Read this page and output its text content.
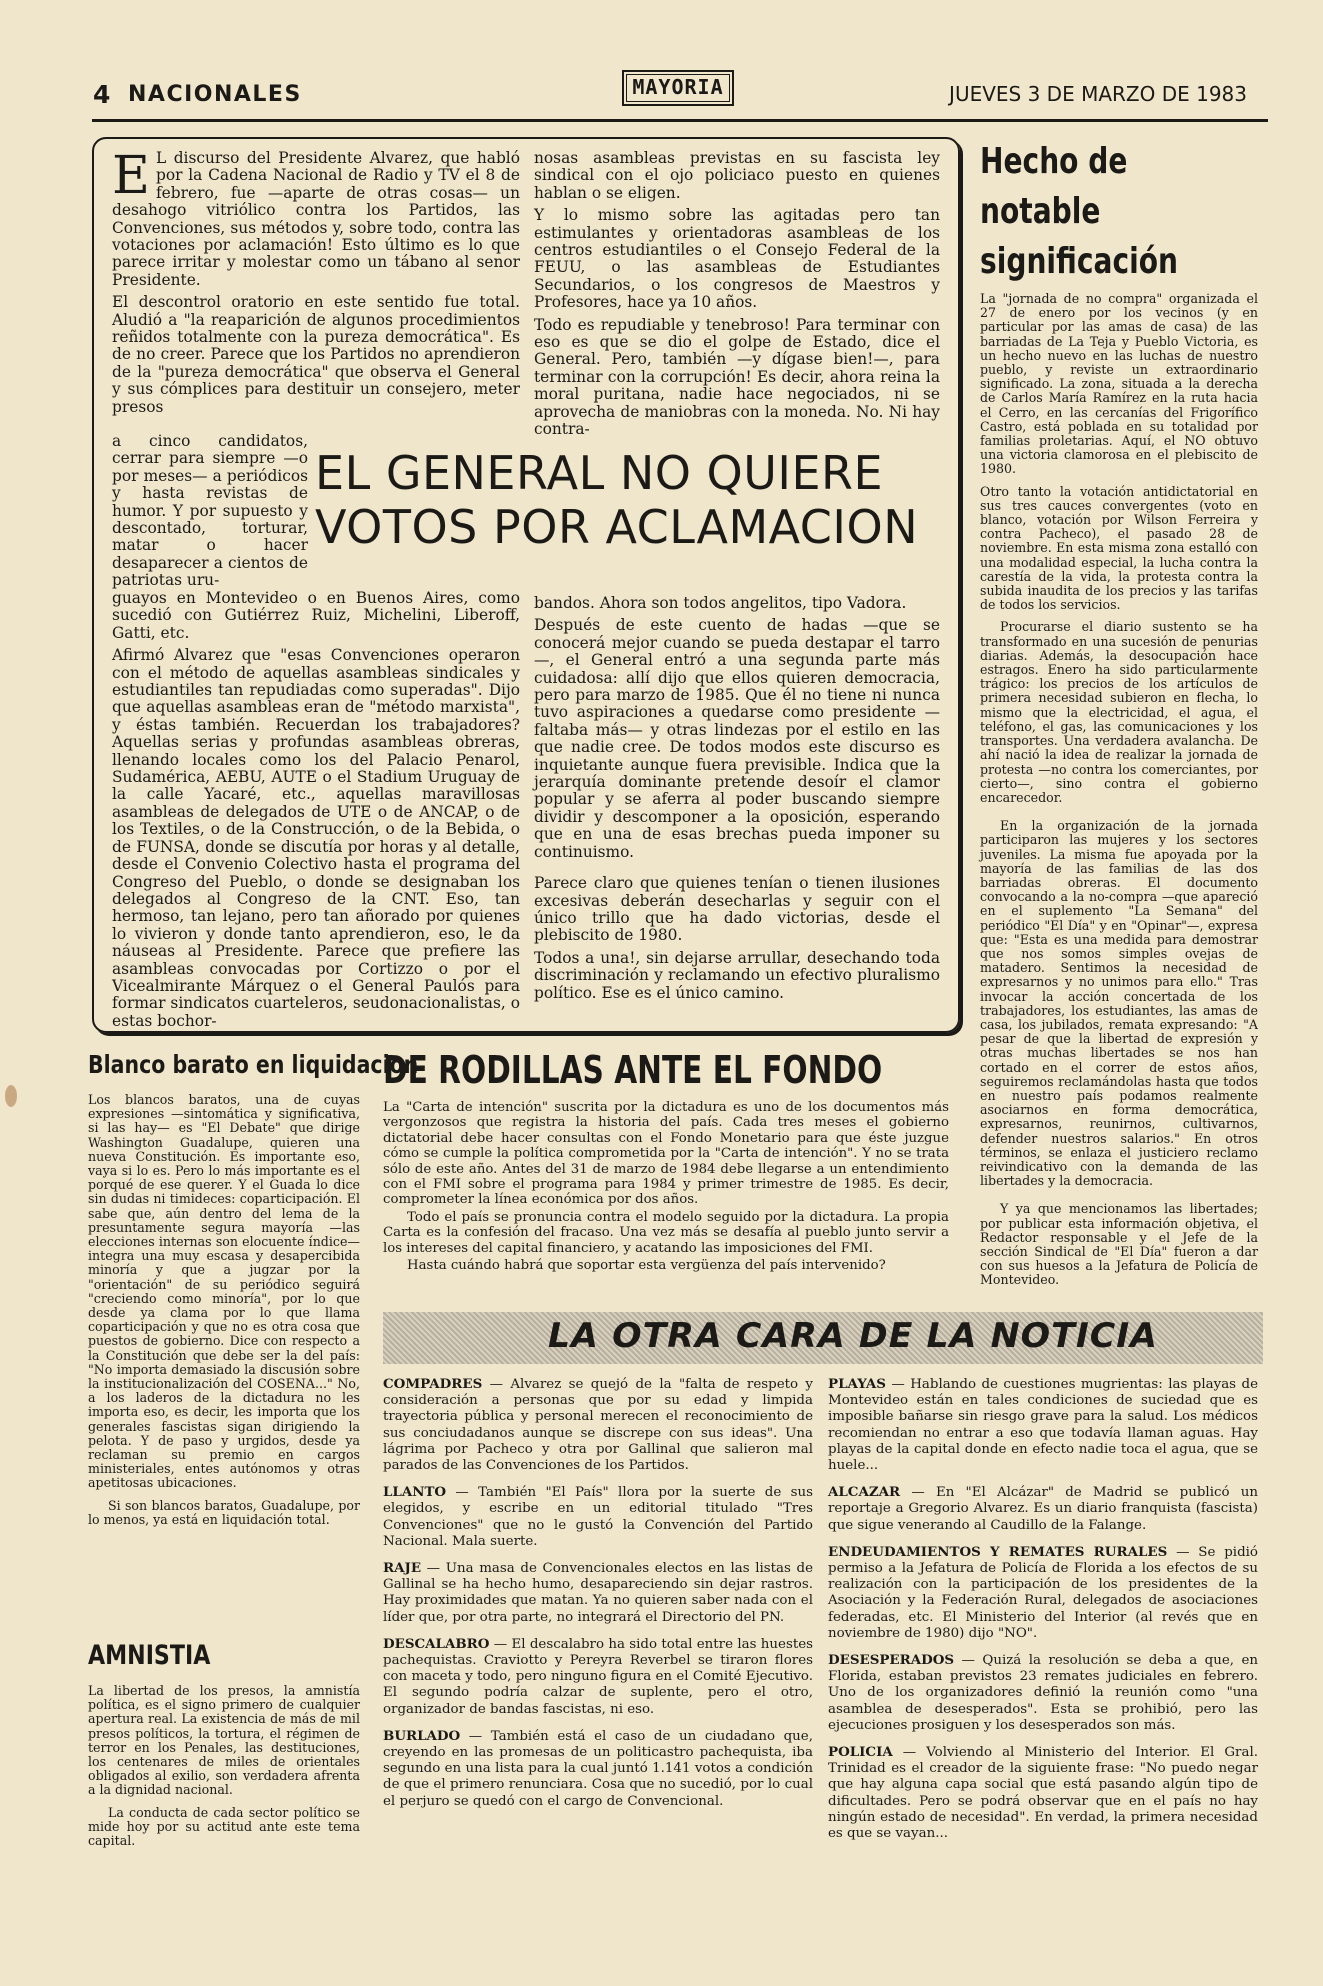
4 NACIONALES	MAYORIA	JUEVES 3 DE MARZO DE 1983

E L discurso del Presidente Alvarez, que habló por la Cadena Nacional de Radio y TV el 8 de febrero, fue —aparte de otras cosas— un desahogo vitriólico contra los Partidos, las Convenciones, sus métodos y, sobre todo, contra las votaciones por aclamación! Esto último es lo que parece irritar y molestar como un tábano al senor Presidente.

El descontrol oratorio en este sentido fue total. Aludió a "la reaparición de algunos procedimientos reñidos totalmente con la pureza democrática". Es de no creer. Parece que los Partidos no aprendieron de la "pureza democrática" que observa el General y sus cómplices para destituir un consejero, meter presos

a cinco candidatos, cerrar para siempre —o por meses— a periódicos y hasta revistas de humor. Y por supuesto y descontado, torturar, matar o hacer desaparecer a cientos de patriotas uru-

EL GENERAL NO QUIERE
VOTOS POR ACLAMACION

guayos en Montevideo o en Buenos Aires, como sucedió con Gutiérrez Ruiz, Michelini, Liberoff, Gatti, etc.

Afirmó Alvarez que "esas Convenciones operaron con el método de aquellas asambleas sindicales y estudiantiles tan repudiadas como superadas". Dijo que aquellas asambleas eran de "método marxista", y éstas también. Recuerdan los trabajadores? Aquellas serias y profundas asambleas obreras, llenando locales como los del Palacio Penarol, Sudamérica, AEBU, AUTE o el Stadium Uruguay de la calle Yacaré, etc., aquellas maravillosas asambleas de delegados de UTE o de ANCAP, o de los Textiles, o de la Construcción, o de la Bebida, o de FUNSA, donde se discutía por horas y al detalle, desde el Convenio Colectivo hasta el programa del Congreso del Pueblo, o donde se designaban los delegados al Congreso de la CNT. Eso, tan hermoso, tan lejano, pero tan añorado por quienes lo vivieron y donde tanto aprendieron, eso, le da náuseas al Presidente. Parece que prefiere las asambleas convocadas por Cortizzo o por el Vicealmirante Márquez o el General Paulós para formar sindicatos cuarteleros, seudonacionalistas, o estas bochor-

nosas asambleas previstas en su fascista ley sindical con el ojo policiaco puesto en quienes hablan o se eligen.

Y lo mismo sobre las agitadas pero tan estimulantes y orientadoras asambleas de los centros estudiantiles o el Consejo Federal de la FEUU, o las asambleas de Estudiantes Secundarios, o los congresos de Maestros y Profesores, hace ya 10 años.

Todo es repudiable y tenebroso! Para terminar con eso es que se dio el golpe de Estado, dice el General. Pero, también —y dígase bien!—, para terminar con la corrupción! Es decir, ahora reina la moral puritana, nadie hace negociados, ni se aprovecha de maniobras con la moneda. No. Ni hay contra-

bandos. Ahora son todos angelitos, tipo Vadora.

Después de este cuento de hadas —que se conocerá mejor cuando se pueda destapar el tarro—, el General entró a una segunda parte más cuidadosa: allí dijo que ellos quieren democracia, pero para marzo de 1985. Que él no tiene ni nunca tuvo aspiraciones a quedarse como presidente —faltaba más— y otras lindezas por el estilo en las que nadie cree. De todos modos este discurso es inquietante aunque fuera previsible. Indica que la jerarquía dominante pretende desoír el clamor popular y se aferra al poder buscando siempre dividir y descomponer a la oposición, esperando que en una de esas brechas pueda imponer su continuismo.

Parece claro que quienes tenían o tienen ilusiones excesivas deberán desecharlas y seguir con el único trillo que ha dado victorias, desde el plebiscito de 1980.

Todos a una!, sin dejarse arrullar, desechando toda discriminación y reclamando un efectivo pluralismo político. Ese es el único camino.

Hecho de
notable
significación

La "jornada de no compra" organizada el 27 de enero por los vecinos (y en particular por las amas de casa) de las barriadas de La Teja y Pueblo Victoria, es un hecho nuevo en las luchas de nuestro pueblo, y reviste un extraordinario significado. La zona, situada a la derecha de Carlos María Ramírez en la ruta hacia el Cerro, en las cercanías del Frigorífico Castro, está poblada en su totalidad por familias proletarias. Aquí, el NO obtuvo una victoria clamorosa en el plebiscito de 1980.

Otro tanto la votación antidictatorial en sus tres cauces convergentes (voto en blanco, votación por Wilson Ferreira y contra Pacheco), el pasado 28 de noviembre. En esta misma zona estalló con una modalidad especial, la lucha contra la carestía de la vida, la protesta contra la subida inaudita de los precios y las tarifas de todos los servicios.

Procurarse el diario sustento se ha transformado en una sucesión de penurias diarias. Además, la desocupación hace estragos. Enero ha sido particularmente trágico: los precios de los artículos de primera necesidad subieron en flecha, lo mismo que la electricidad, el agua, el teléfono, el gas, las comunicaciones y los transportes. Una verdadera avalancha. De ahí nació la idea de realizar la jornada de protesta —no contra los comerciantes, por cierto—, sino contra el gobierno encarecedor.

En la organización de la jornada participaron las mujeres y los sectores juveniles. La misma fue apoyada por la mayoría de las familias de las dos barriadas obreras. El documento convocando a la no-compra —que apareció en el suplemento "La Semana" del periódico "El Día" y en "Opinar"—, expresa que: "Esta es una medida para demostrar que nos somos simples ovejas de matadero. Sentimos la necesidad de expresarnos y no unimos para ello." Tras invocar la acción concertada de los trabajadores, los estudiantes, las amas de casa, los jubilados, remata expresando: "A pesar de que la libertad de expresión y otras muchas libertades se nos han cortado en el correr de estos años, seguiremos reclamándolas hasta que todos en nuestro país podamos realmente asociarnos en forma democrática, expresarnos, reunirnos, cultivarnos, defender nuestros salarios." En otros términos, se enlaza el justiciero reclamo reivindicativo con la demanda de las libertades y la democracia.

Y ya que mencionamos las libertades; por publicar esta información objetiva, el Redactor responsable y el Jefe de la sección Sindical de "El Día" fueron a dar con sus huesos a la Jefatura de Policía de Montevideo.

Blanco barato en liquidacion

Los blancos baratos, una de cuyas expresiones —sintomática y significativa, si las hay— es "El Debate" que dirige Washington Guadalupe, quieren una nueva Constitución. Es importante eso, vaya si lo es. Pero lo más importante es el porqué de ese querer. Y el Guada lo dice sin dudas ni timideces: coparticipación. El sabe que, aún dentro del lema de la presuntamente segura mayoría —las elecciones internas son elocuente índice— integra una muy escasa y desapercibida minoría y que a jugzar por la "orientación" de su periódico seguirá "creciendo como minoría", por lo que desde ya clama por lo que llama coparticipación y que no es otra cosa que puestos de gobierno. Dice con respecto a la Constitución que debe ser la del país: "No importa demasiado la discusión sobre la institucionalización del COSENA..." No, a los laderos de la dictadura no les importa eso, es decir, les importa que los generales fascistas sigan dirigiendo la pelota. Y de paso y urgidos, desde ya reclaman su premio en cargos ministeriales, entes autónomos y otras apetitosas ubicaciones.

Si son blancos baratos, Guadalupe, por lo menos, ya está en liquidación total.

AMNISTIA

La libertad de los presos, la amnistía política, es el signo primero de cualquier apertura real. La existencia de más de mil presos políticos, la tortura, el régimen de terror en los Penales, las destituciones, los centenares de miles de orientales obligados al exilio, son verdadera afrenta a la dignidad nacional.

La conducta de cada sector político se mide hoy por su actitud ante este tema capital.

DE RODILLAS ANTE EL FONDO

La "Carta de intención" suscrita por la dictadura es uno de los documentos más vergonzosos que registra la historia del país. Cada tres meses el gobierno dictatorial debe hacer consultas con el Fondo Monetario para que éste juzgue cómo se cumple la política comprometida por la "Carta de intención". Y no se trata sólo de este año. Antes del 31 de marzo de 1984 debe llegarse a un entendimiento con el FMI sobre el programa para 1984 y primer trimestre de 1985. Es decir, comprometer la línea económica por dos años.

Todo el país se pronuncia contra el modelo seguido por la dictadura. La propia Carta es la confesión del fracaso. Una vez más se desafía al pueblo junto servir a los intereses del capital financiero, y acatando las imposiciones del FMI.

Hasta cuándo habrá que soportar esta vergüenza del país intervenido?

LA OTRA CARA DE LA NOTICIA

COMPADRES — Alvarez se quejó de la "falta de respeto y consideración a personas que por su edad y limpida trayectoria pública y personal merecen el reconocimiento de sus conciudadanos aunque se discrepe con sus ideas". Una lágrima por Pacheco y otra por Gallinal que salieron mal parados de las Convenciones de los Partidos.

LLANTO — También "El País" llora por la suerte de sus elegidos, y escribe en un editorial titulado "Tres Convenciones" que no le gustó la Convención del Partido Nacional. Mala suerte.

RAJE — Una masa de Convencionales electos en las listas de Gallinal se ha hecho humo, desapareciendo sin dejar rastros. Hay proximidades que matan. Ya no quieren saber nada con el líder que, por otra parte, no integrará el Directorio del PN.

DESCALABRO — El descalabro ha sido total entre las huestes pachequistas. Craviotto y Pereyra Reverbel se tiraron flores con maceta y todo, pero ninguno figura en el Comité Ejecutivo. El segundo podría calzar de suplente, pero el otro, organizador de bandas fascistas, ni eso.

BURLADO — También está el caso de un ciudadano que, creyendo en las promesas de un politicastro pachequista, iba segundo en una lista para la cual juntó 1.141 votos a condición de que el primero renunciara. Cosa que no sucedió, por lo cual el perjuro se quedó con el cargo de Convencional.

PLAYAS — Hablando de cuestiones mugrientas: las playas de Montevideo están en tales condiciones de suciedad que es imposible bañarse sin riesgo grave para la salud. Los médicos recomiendan no entrar a eso que todavía llaman aguas. Hay playas de la capital donde en efecto nadie toca el agua, que se huele...

ALCAZAR — En "El Alcázar" de Madrid se publicó un reportaje a Gregorio Alvarez. Es un diario franquista (fascista) que sigue venerando al Caudillo de la Falange.

ENDEUDAMIENTOS Y REMATES RURALES — Se pidió permiso a la Jefatura de Policía de Florida a los efectos de su realización con la participación de los presidentes de la Asociación y la Federación Rural, delegados de asociaciones federadas, etc. El Ministerio del Interior (al revés que en noviembre de 1980) dijo "NO".

DESESPERADOS — Quizá la resolución se deba a que, en Florida, estaban previstos 23 remates judiciales en febrero. Uno de los organizadores definió la reunión como "una asamblea de desesperados". Esta se prohibió, pero las ejecuciones prosiguen y los desesperados son más.

POLICIA — Volviendo al Ministerio del Interior. El Gral. Trinidad es el creador de la siguiente frase: "No puedo negar que hay alguna capa social que está pasando algún tipo de dificultades. Pero se podrá observar que en el país no hay ningún estado de necesidad". En verdad, la primera necesidad es que se vayan...
